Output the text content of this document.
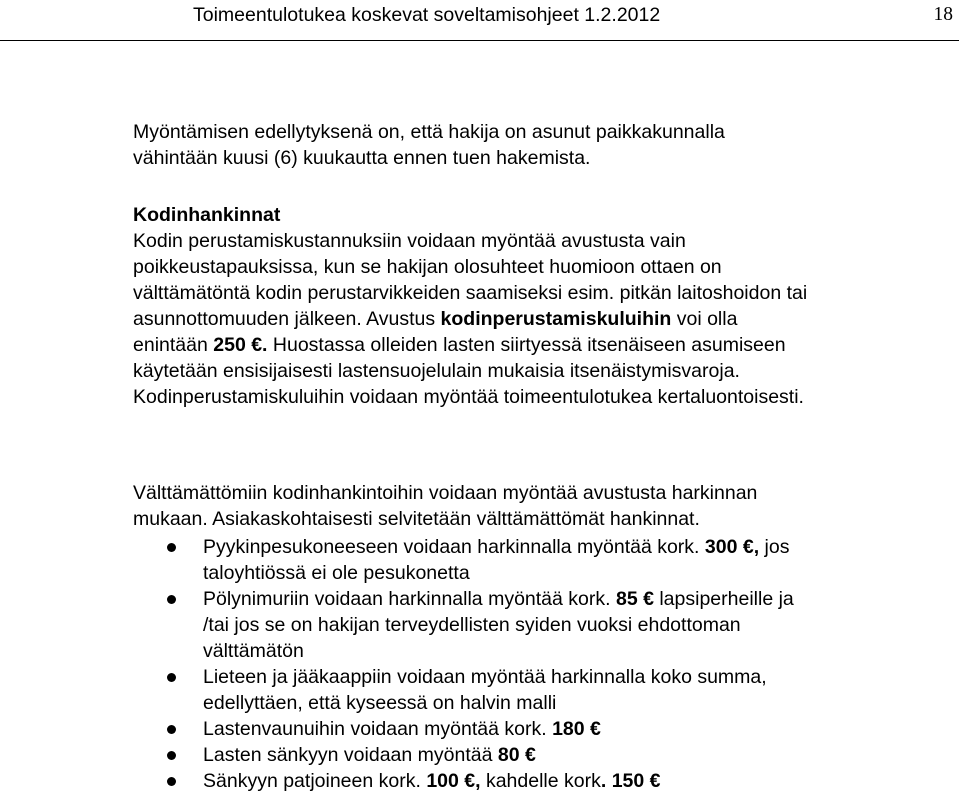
Toimeentulotukea koskevat soveltamisohjeet 1.2.2012	18

Myöntämisen edellytyksenä on, että hakija on asunut paikkakunnalla
vähintään kuusi (6) kuukautta ennen tuen hakemista.

Kodinhankinnat
Kodin perustamiskustannuksiin voidaan myöntää avustusta vain
poikkeustapauksissa, kun se hakijan olosuhteet huomioon ottaen on
välttämätöntä kodin perustarvikkeiden saamiseksi esim. pitkän laitoshoidon tai
asunnottomuuden jälkeen. Avustus kodinperustamiskuluihin voi olla
enintään 250 €. Huostassa olleiden lasten siirtyessä itsenäiseen asumiseen
käytetään ensisijaisesti lastensuojelulain mukaisia itsenäistymisvaroja.
Kodinperustamiskuluihin voidaan myöntää toimeentulotukea kertaluontoisesti.

Välttämättömiin kodinhankintoihin voidaan myöntää avustusta harkinnan
mukaan. Asiakaskohtaisesti selvitetään välttämättömät hankinnat.

Pyykinpesukoneeseen voidaan harkinnalla myöntää kork. 300 €, jos
taloyhtiössä ei ole pesukonetta
Pölynimuriin voidaan harkinnalla myöntää kork. 85 € lapsiperheille ja
/tai jos se on hakijan terveydellisten syiden vuoksi ehdottoman
välttämätön
Lieteen ja jääkaappiin voidaan myöntää harkinnalla koko summa,
edellyttäen, että kyseessä on halvin malli
Lastenvaunuihin voidaan myöntää kork. 180 €
Lasten sänkyyn voidaan myöntää 80 €
Sänkyyn patjoineen kork. 100 €, kahdelle kork. 150 €
